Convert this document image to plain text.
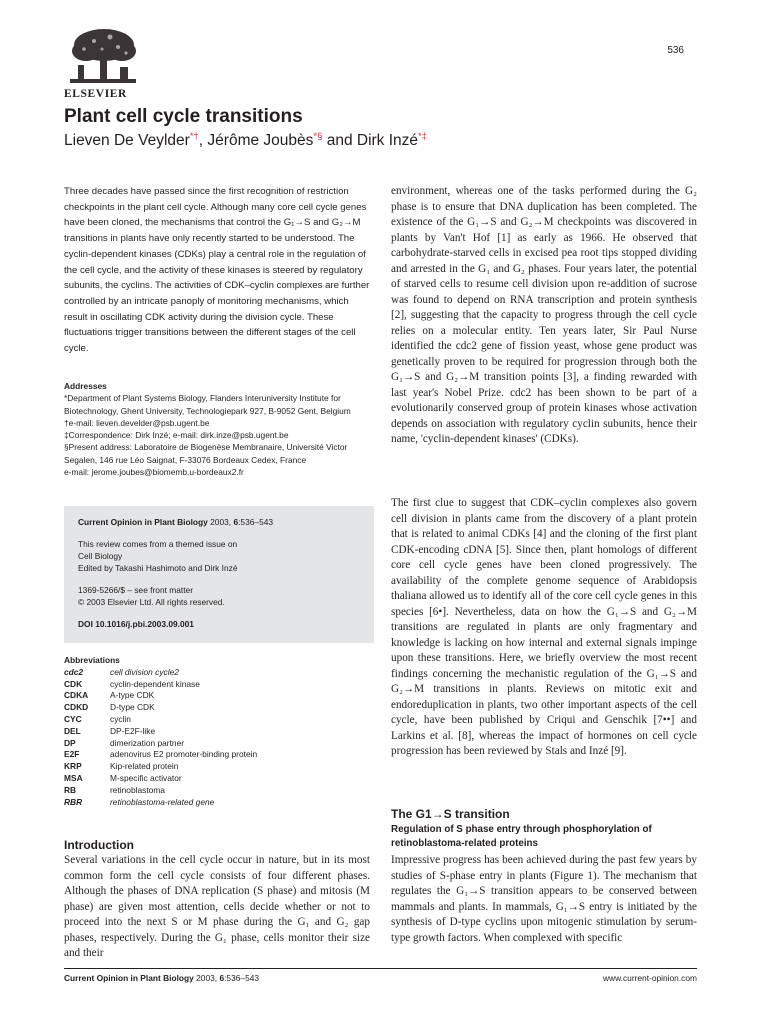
ELSEVIER
536
Plant cell cycle transitions

Lieven De Veylder*†, Jérôme Joubès*§ and Dirk Inzé*‡

Three decades have passed since the first recognition of restriction checkpoints in the plant cell cycle. Although many core cell cycle genes have been cloned, the mechanisms that control the G₁→S and G₂→M transitions in plants have only recently started to be understood. The cyclin-dependent kinases (CDKs) play a central role in the regulation of the cell cycle, and the activity of these kinases is steered by regulatory subunits, the cyclins. The activities of CDK–cyclin complexes are further controlled by an intricate panoply of monitoring mechanisms, which result in oscillating CDK activity during the division cycle. These fluctuations trigger transitions between the different stages of the cell cycle.

Addresses
*Department of Plant Systems Biology, Flanders Interuniversity Institute for Biotechnology, Ghent University, Technologiepark 927, B-9052 Gent, Belgium
†e-mail: lieven.develder@psb.ugent.be
‡Correspondence: Dirk Inzé; e-mail: dirk.inze@psb.ugent.be
§Present address: Laboratoire de Biogenèse Membranaire, Université Victor Segalen, 146 rue Léo Saignat, F-33076 Bordeaux Cedex, France
e-mail: jerome.joubes@biomemb.u-bordeaux2.fr
Current Opinion in Plant Biology 2003, 6:536–543
This review comes from a themed issue on
Cell Biology
Edited by Takashi Hashimoto and Dirk Inzé
1369-5266/$ – see front matter
© 2003 Elsevier Ltd. All rights reserved.
DOI 10.1016/j.pbi.2003.09.001
Abbreviations
cdc2	cell division cycle2
CDK	cyclin-dependent kinase
CDKA	A-type CDK
CDKD	D-type CDK
CYC	cyclin
DEL	DP-E2F-like
DP	dimerization partner
E2F	adenovirus E2 promoter-binding protein
KRP	Kip-related protein
MSA	M-specific activator
RB	retinoblastoma
RBR	retinoblastoma-related gene
Introduction

Several variations in the cell cycle occur in nature, but in its most common form the cell cycle consists of four different phases. Although the phases of DNA replication (S phase) and mitosis (M phase) are given most attention, cells decide whether or not to proceed into the next S or M phase during the G₁ and G₂ gap phases, respectively. During the G₁ phase, cells monitor their size and their

environment, whereas one of the tasks performed during the G₂ phase is to ensure that DNA duplication has been completed. The existence of the G₁→S and G₂→M checkpoints was discovered in plants by Van't Hof [1] as early as 1966. He observed that carbohydrate-starved cells in excised pea root tips stopped dividing and arrested in the G₁ and G₂ phases. Four years later, the potential of starved cells to resume cell division upon re-addition of sucrose was found to depend on RNA transcription and protein synthesis [2], suggesting that the capacity to progress through the cell cycle relies on a molecular entity. Ten years later, Sir Paul Nurse identified the cdc2 gene of fission yeast, whose gene product was genetically proven to be required for progression through both the G₁→S and G₂→M transition points [3], a finding rewarded with last year's Nobel Prize. cdc2 has been shown to be part of a evolutionarily conserved group of protein kinases whose activation depends on association with regulatory cyclin subunits, hence their name, 'cyclin-dependent kinases' (CDKs).

The first clue to suggest that CDK–cyclin complexes also govern cell division in plants came from the discovery of a plant protein that is related to animal CDKs [4] and the cloning of the first plant CDK-encoding cDNA [5]. Since then, plant homologs of different core cell cycle genes have been cloned progressively. The availability of the complete genome sequence of Arabidopsis thaliana allowed us to identify all of the core cell cycle genes in this species [6•]. Nevertheless, data on how the G₁→S and G₂→M transitions are regulated in plants are only fragmentary and knowledge is lacking on how internal and external signals impinge upon these transitions. Here, we briefly overview the most recent findings concerning the mechanistic regulation of the G₁→S and G₂→M transitions in plants. Reviews on mitotic exit and endoreduplication in plants, two other important aspects of the cell cycle, have been published by Criqui and Genschik [7••] and Larkins et al. [8], whereas the impact of hormones on cell cycle progression has been reviewed by Stals and Inzé [9].

The G1→S transition

Regulation of S phase entry through phosphorylation of retinoblastoma-related proteins

Impressive progress has been achieved during the past few years by studies of S-phase entry in plants (Figure 1). The mechanism that regulates the G₁→S transition appears to be conserved between mammals and plants. In mammals, G₁→S entry is initiated by the synthesis of D-type cyclins upon mitogenic stimulation by serum-type growth factors. When complexed with specific

Current Opinion in Plant Biology 2003, 6:536–543	www.current-opinion.com
